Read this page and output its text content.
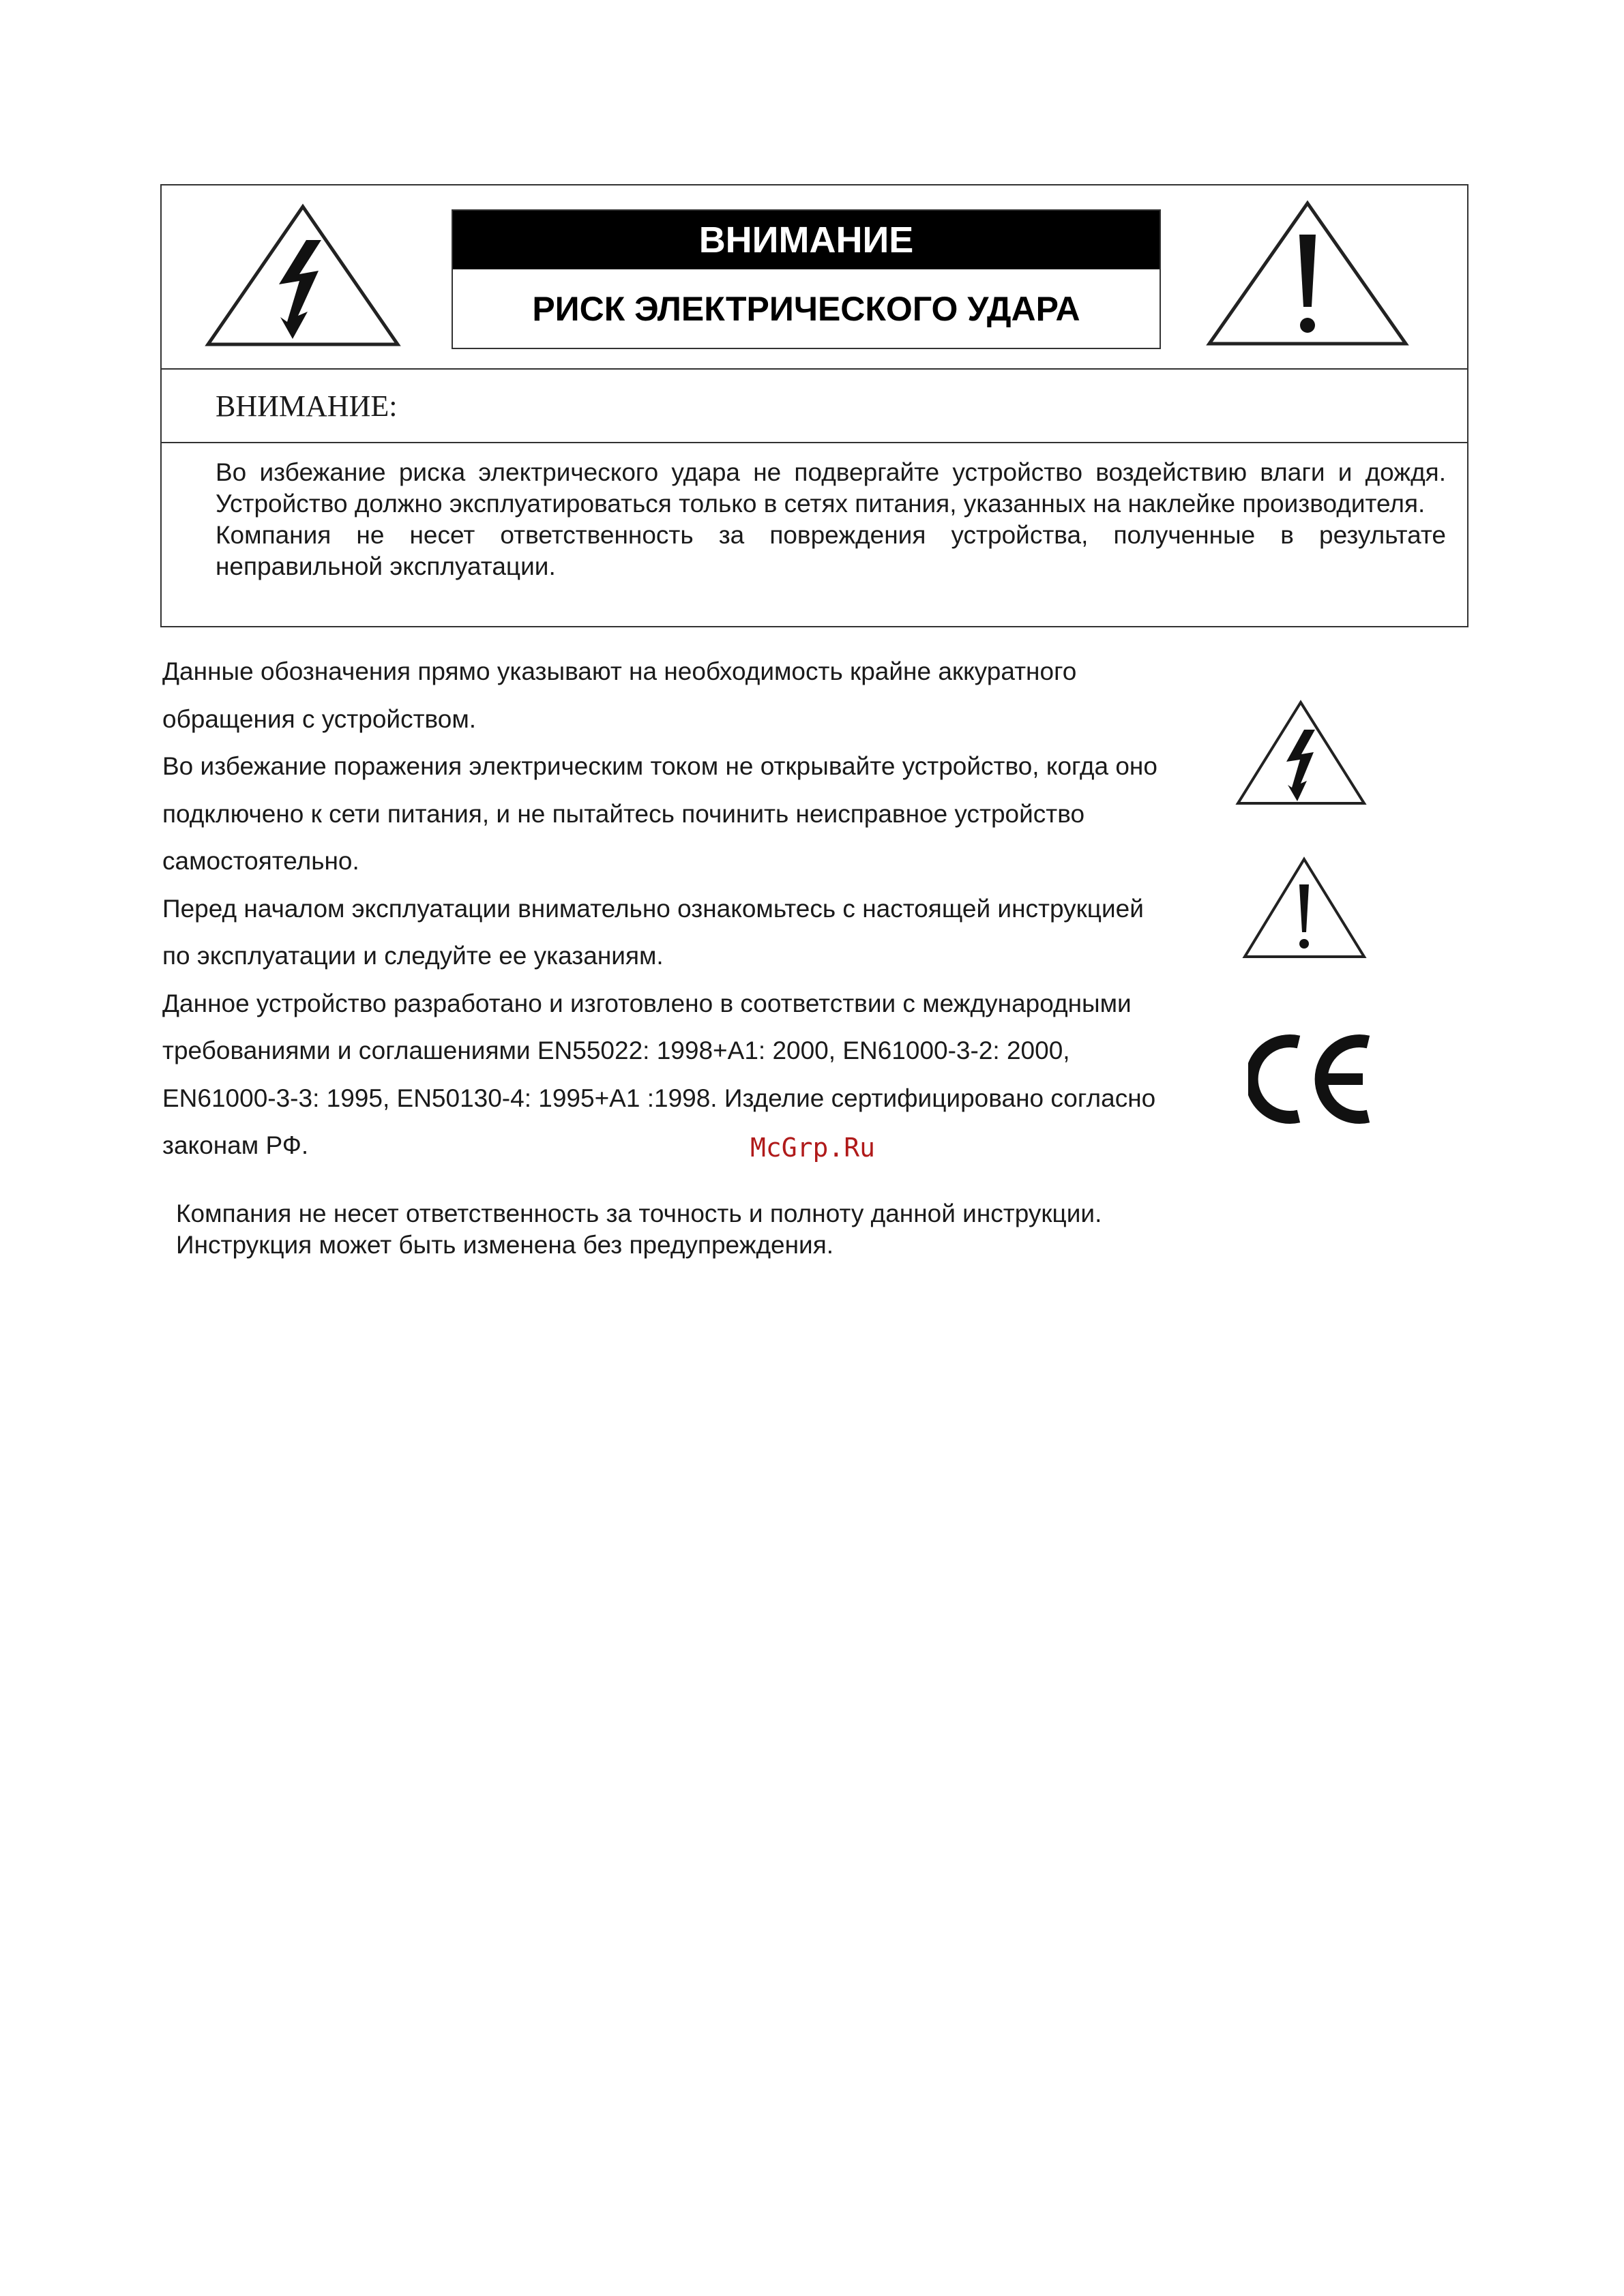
ВНИМАНИЕ
РИСК ЭЛЕКТРИЧЕСКОГО УДАРА
ВНИМАНИЕ:

Во избежание риска электрического удара не подвергайте устройство воздействию влаги и дождя. Устройство должно эксплуатироваться только в сетях питания, указанных на наклейке производителя.

Компания не несет ответственность за повреждения устройства, полученные в результате неправильной эксплуатации.

Данные обозначения прямо указывают на необходимость крайне аккуратного обращения с устройством.

Во избежание поражения электрическим током не открывайте устройство, когда оно подключено к сети питания, и не пытайтесь починить неисправное устройство самостоятельно.

Перед началом эксплуатации внимательно ознакомьтесь с настоящей инструкцией по эксплуатации и следуйте ее указаниям.

Данное устройство разработано и изготовлено в соответствии с международными требованиями и соглашениями EN55022: 1998+A1: 2000, EN61000-3-2: 2000, EN61000-3-3: 1995, EN50130-4: 1995+A1 :1998. Изделие сертифицировано согласно законам РФ.	McGrp.Ru

Компания не несет ответственность за точность и полноту данной инструкции.

Инструкция может быть изменена без предупреждения.
